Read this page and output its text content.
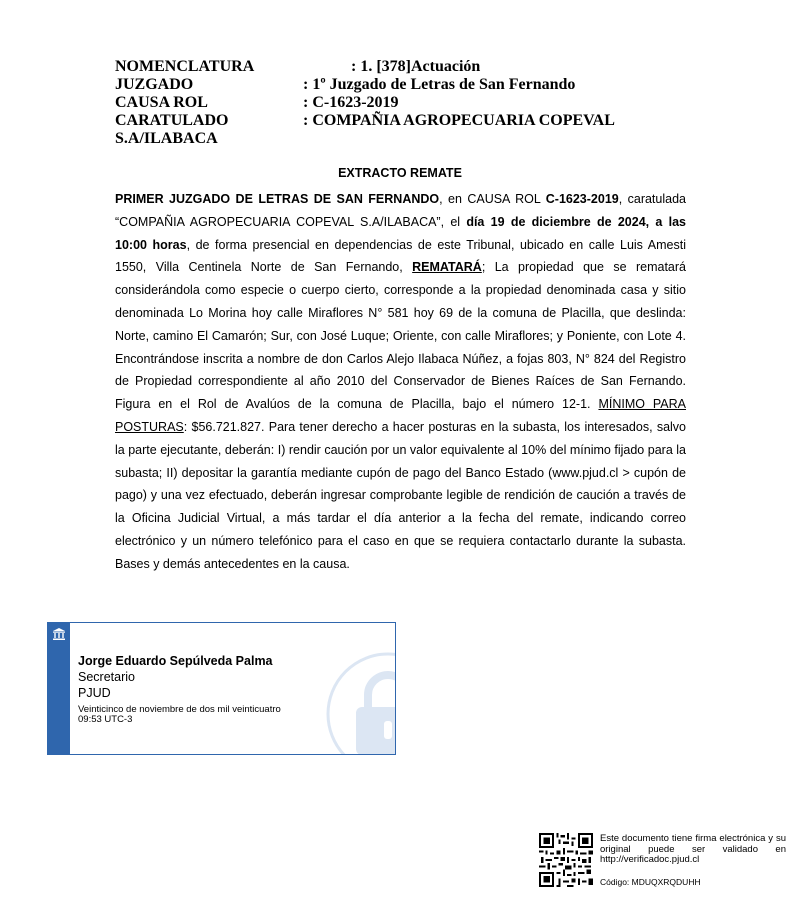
NOMENCLATURA	: 1. [378]Actuación
JUZGADO	: 1º Juzgado de Letras de San Fernando
CAUSA ROL	: C-1623-2019
CARATULADO	: COMPAÑIA AGROPECUARIA COPEVAL
S.A/ILABACA
EXTRACTO REMATE
PRIMER JUZGADO DE LETRAS DE SAN FERNANDO, en CAUSA ROL C-1623-2019, caratulada “COMPAÑIA AGROPECUARIA COPEVAL S.A/ILABACA”, el día 19 de diciembre de 2024, a las 10:00 horas, de forma presencial en dependencias de este Tribunal, ubicado en calle Luis Amesti 1550, Villa Centinela Norte de San Fernando, REMATARÁ; La propiedad que se rematará considerándola como especie o cuerpo cierto, corresponde a la propiedad denominada casa y sitio denominada Lo Morina hoy calle Miraflores N° 581 hoy 69 de la comuna de Placilla, que deslinda: Norte, camino El Camarón; Sur, con José Luque; Oriente, con calle Miraflores; y Poniente, con Lote 4. Encontrándose inscrita a nombre de don Carlos Alejo Ilabaca Núñez, a fojas 803, N° 824 del Registro de Propiedad correspondiente al año 2010 del Conservador de Bienes Raíces de San Fernando. Figura en el Rol de Avalúos de la comuna de Placilla, bajo el número 12-1. MÍNIMO PARA POSTURAS: $56.721.827. Para tener derecho a hacer posturas en la subasta, los interesados, salvo la parte ejecutante, deberán: I) rendir caución por un valor equivalente al 10% del mínimo fijado para la subasta; II) depositar la garantía mediante cupón de pago del Banco Estado (www.pjud.cl > cupón de pago) y una vez efectuado, deberán ingresar comprobante legible de rendición de caución a través de la Oficina Judicial Virtual, a más tardar el día anterior a la fecha del remate, indicando correo electrónico y un número telefónico para el caso en que se requiera contactarlo durante la subasta. Bases y demás antecedentes en la causa.
Jorge Eduardo Sepúlveda Palma
Secretario
PJUD
Veinticinco de noviembre de dos mil veinticuatro
09:53 UTC-3
Este documento tiene firma electrónica y su original puede ser validado en http://verificadoc.pjud.cl
Código: MDUQXRQDUHH
